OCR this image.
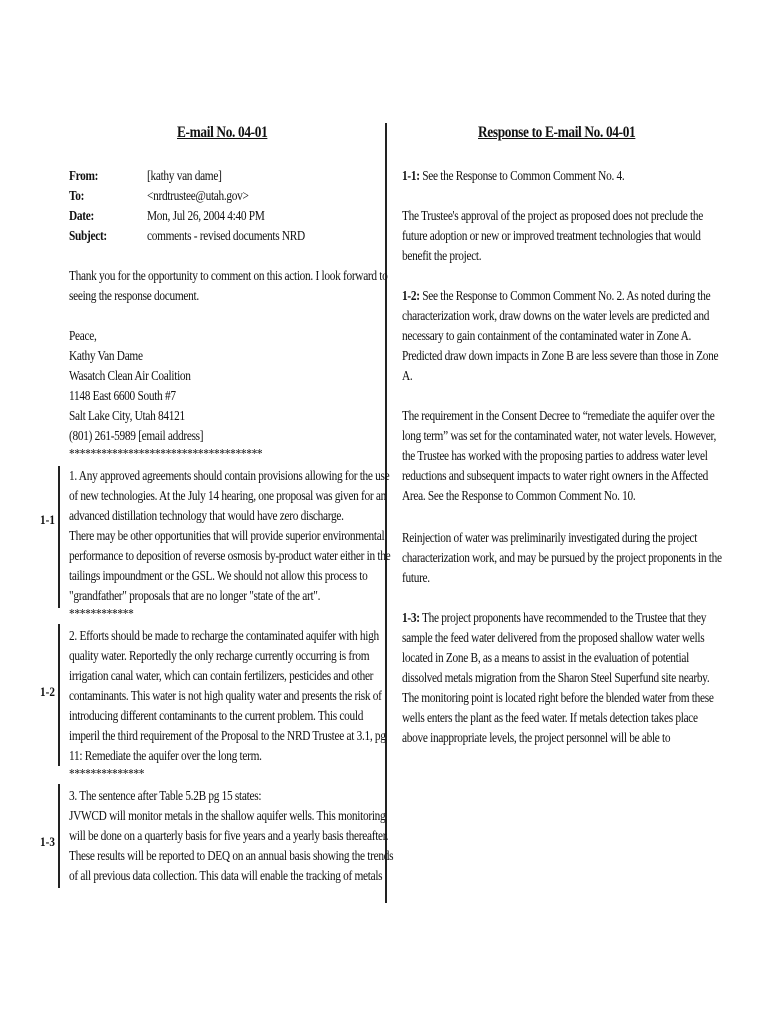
E-mail No. 04-01
From:	[kathy van dame]
To:	<nrdtrustee@utah.gov>
Date:	Mon, Jul 26, 2004 4:40 PM
Subject:	comments - revised documents NRD
Thank you for the opportunity to comment on this action. I look forward to
seeing the response document.
Peace,
Kathy Van Dame
Wasatch Clean Air Coalition
1148 East 6600 South #7
Salt Lake City, Utah 84121
(801) 261-5989 [email address]
************************************
1-1
1. Any approved agreements should contain provisions allowing for the use
of new technologies. At the July 14 hearing, one proposal was given for an
advanced distillation technology that would have zero discharge.
There may be other opportunities that will provide superior environmental
performance to deposition of reverse osmosis by-product water either in the
tailings impoundment or the GSL. We should not allow this process to
"grandfather" proposals that are no longer "state of the art".
************
1-2
2. Efforts should be made to recharge the contaminated aquifer with high
quality water. Reportedly the only recharge currently occurring is from
irrigation canal water, which can contain fertilizers, pesticides and other
contaminants. This water is not high quality water and presents the risk of
introducing different contaminants to the current problem. This could
imperil the third requirement of the Proposal to the NRD Trustee at 3.1, pg
11: Remediate the aquifer over the long term.
**************
1-3
3. The sentence after Table 5.2B pg 15 states:
JVWCD will monitor metals in the shallow aquifer wells. This monitoring
will be done on a quarterly basis for five years and a yearly basis thereafter.
These results will be reported to DEQ on an annual basis showing the trends
of all previous data collection. This data will enable the tracking of metals
Response to E-mail No. 04-01
1-1: See the Response to Common Comment No. 4.
The Trustee's approval of the project as proposed does not preclude the
future adoption or new or improved treatment technologies that would
benefit the project.
1-2: See the Response to Common Comment No. 2. As noted during the
characterization work, draw downs on the water levels are predicted and
necessary to gain containment of the contaminated water in Zone A.
Predicted draw down impacts in Zone B are less severe than those in Zone
A.
The requirement in the Consent Decree to “remediate the aquifer over the
long term” was set for the contaminated water, not water levels. However,
the Trustee has worked with the proposing parties to address water level
reductions and subsequent impacts to water right owners in the Affected
Area. See the Response to Common Comment No. 10.
Reinjection of water was preliminarily investigated during the project
characterization work, and may be pursued by the project proponents in the
future.
1-3: The project proponents have recommended to the Trustee that they
sample the feed water delivered from the proposed shallow water wells
located in Zone B, as a means to assist in the evaluation of potential
dissolved metals migration from the Sharon Steel Superfund site nearby.
The monitoring point is located right before the blended water from these
wells enters the plant as the feed water. If metals detection takes place
above inappropriate levels, the project personnel will be able to
